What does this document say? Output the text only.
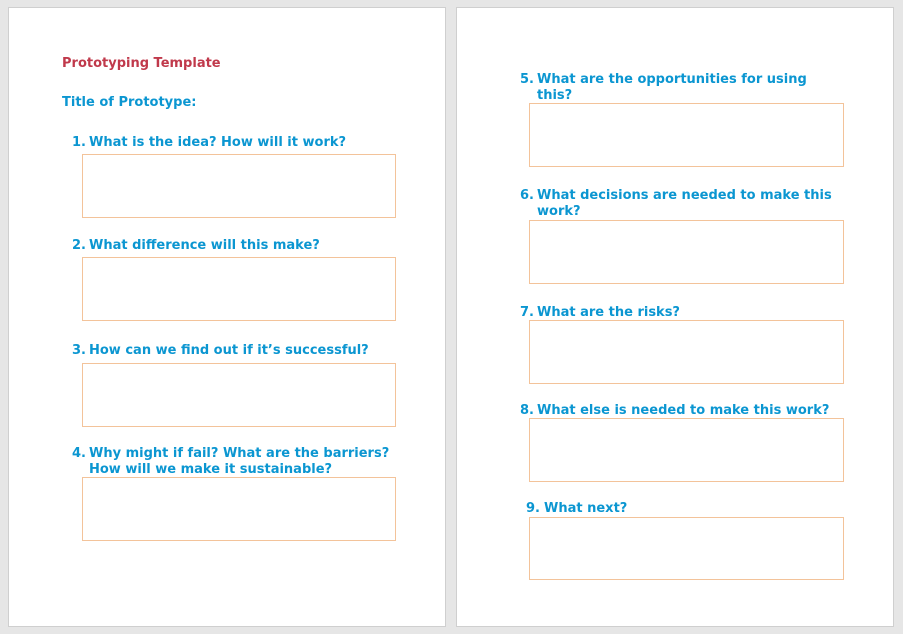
Prototyping Template
Title of Prototype:
1. What is the idea? How will it work?
2. What difference will this make?
3. How can we find out if it’s successful?
4. Why might if fail? What are the barriers? How will we make it sustainable?
5. What are the opportunities for using this?
6. What decisions are needed to make this work?
7. What are the risks?
8. What else is needed to make this work?
9. What next?
